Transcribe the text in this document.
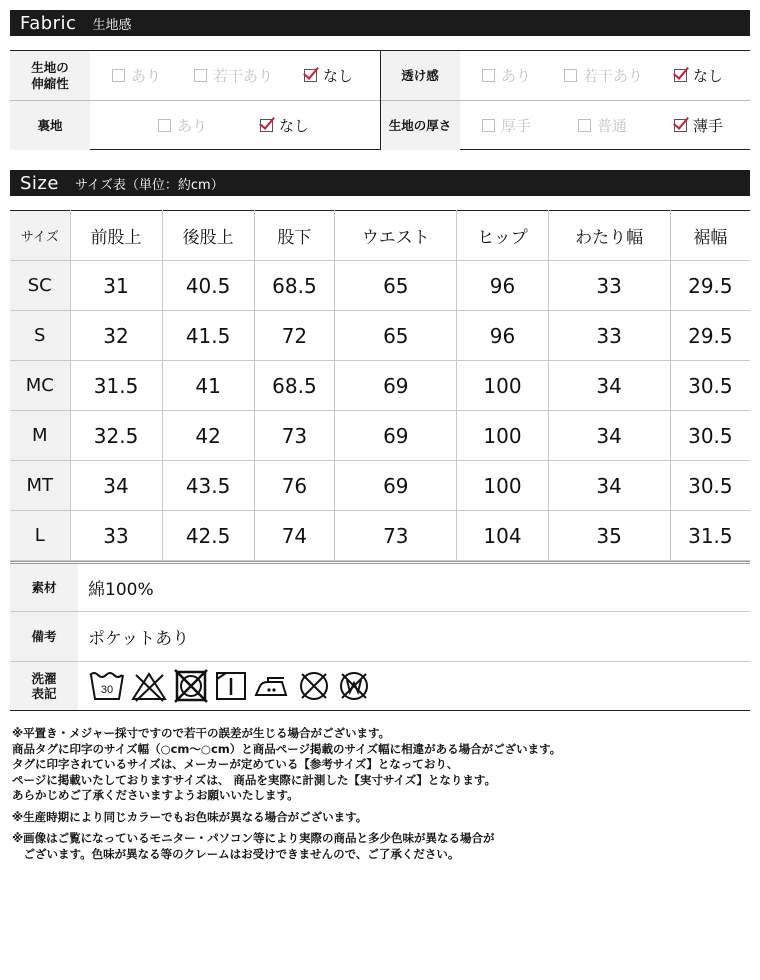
Fabric 生地感
生地の
伸縮性	あり	若干あり	なし	透け感	あり	若干あり	なし
裏地	あり	なし	生地の厚さ	厚手	普通	薄手
Size サイズ表（単位：約cm）
サイズ	前股上	後股上	股下	ウエスト	ヒップ	わたり幅	裾幅
SC	31	40.5	68.5	65	96	33	29.5
S	32	41.5	72	65	96	33	29.5
MC	31.5	41	68.5	69	100	34	30.5
M	32.5	42	73	69	100	34	30.5
MT	34	43.5	76	69	100	34	30.5
L	33	42.5	74	73	104	35	31.5
素材	綿100%
備考	ポケットあり
洗濯
表記	30
※平置き・メジャー採寸ですので若干の誤差が生じる場合がございます。
商品タグに印字のサイズ幅（○cm〜○cm）と商品ページ掲載のサイズ幅に相違がある場合がございます。
タグに印字されているサイズは、メーカーが定めている【参考サイズ】となっており、
ページに掲載いたしておりますサイズは、 商品を実際に計測した【実寸サイズ】となります。
あらかじめご了承くださいますようお願いいたします。
※生産時期により同じカラーでもお色味が異なる場合がございます。
※画像はご覧になっているモニター・パソコン等により実際の商品と多少色味が異なる場合が
　ございます。色味が異なる等のクレームはお受けできませんので、ご了承ください。
